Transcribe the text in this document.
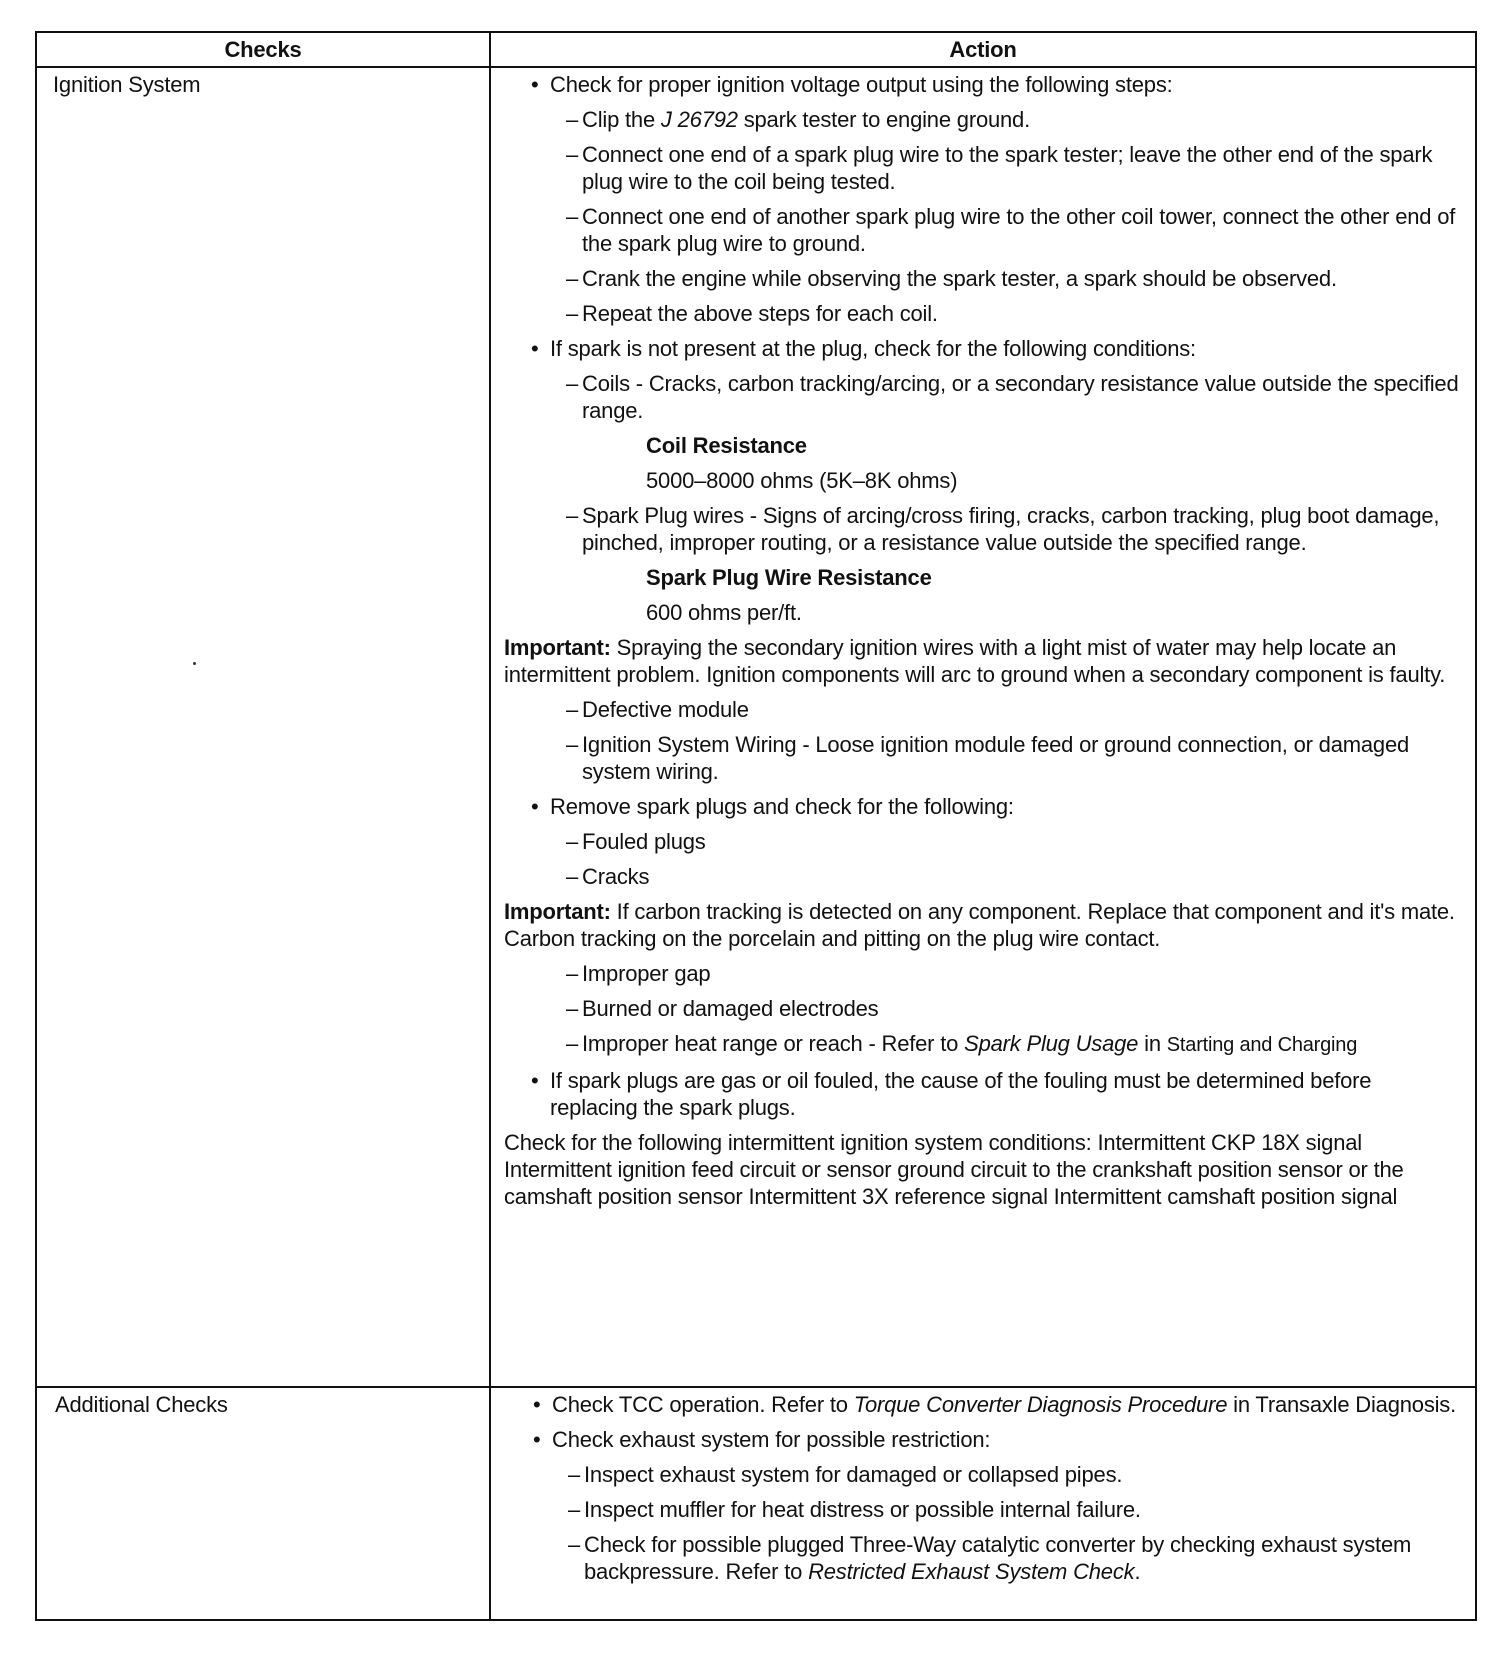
Checks	Action
Ignition System	• Check for proper ignition voltage output using the following steps:
– Clip the J 26792 spark tester to engine ground.
– Connect one end of a spark plug wire to the spark tester; leave the other end of the spark plug wire to the coil being tested.
– Connect one end of another spark plug wire to the other coil tower, connect the other end of the spark plug wire to ground.
– Crank the engine while observing the spark tester, a spark should be observed.
– Repeat the above steps for each coil.
• If spark is not present at the plug, check for the following conditions:
– Coils - Cracks, carbon tracking/arcing, or a secondary resistance value outside the specified range.
Coil Resistance
5000–8000 ohms (5K–8K ohms)
– Spark Plug wires - Signs of arcing/cross firing, cracks, carbon tracking, plug boot damage, pinched, improper routing, or a resistance value outside the specified range.
Spark Plug Wire Resistance
600 ohms per/ft.
Important: Spraying the secondary ignition wires with a light mist of water may help locate an intermittent problem. Ignition components will arc to ground when a secondary component is faulty.
– Defective module
– Ignition System Wiring - Loose ignition module feed or ground connection, or damaged system wiring.
• Remove spark plugs and check for the following:
– Fouled plugs
– Cracks
Important: If carbon tracking is detected on any component. Replace that component and it's mate. Carbon tracking on the porcelain and pitting on the plug wire contact.
– Improper gap
– Burned or damaged electrodes
– Improper heat range or reach - Refer to Spark Plug Usage in Starting and Charging
• If spark plugs are gas or oil fouled, the cause of the fouling must be determined before replacing the spark plugs.
Check for the following intermittent ignition system conditions: Intermittent CKP 18X signal Intermittent ignition feed circuit or sensor ground circuit to the crankshaft position sensor or the camshaft position sensor Intermittent 3X reference signal Intermittent camshaft position signal
Additional Checks	• Check TCC operation. Refer to Torque Converter Diagnosis Procedure in Transaxle Diagnosis.
• Check exhaust system for possible restriction:
– Inspect exhaust system for damaged or collapsed pipes.
– Inspect muffler for heat distress or possible internal failure.
– Check for possible plugged Three-Way catalytic converter by checking exhaust system backpressure. Refer to Restricted Exhaust System Check.
